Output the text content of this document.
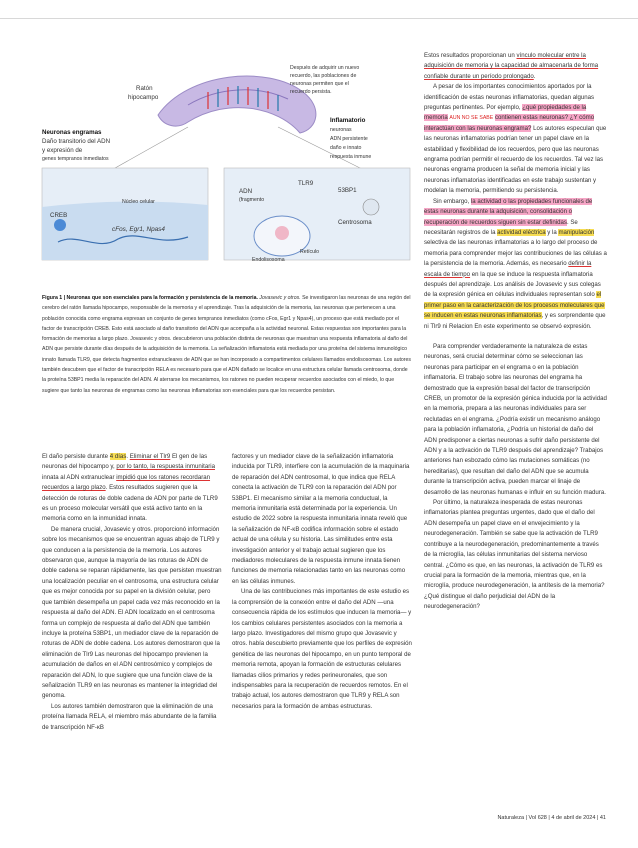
Ratón
hipocampo
Después de adquirir un nuevo
recuerdo, las poblaciones de
neuronas permiten que el
recuerdo persista.
Neuronas engramas
Daño transitorio del ADN
y expresión de
genes tempranos inmediatos
Inflamatorio
neuronas
ADN persistente
daño e innato
respuesta inmune
Núcleo celular
CREB
cFos, Egr1, Npas4
ADN
(fragmento
TLR9
53BP1
Centrosoma
Endolisosoma
Retículo
Figura 1 | Neuronas que son esenciales para la formación y persistencia de la memoria. Jovasevic y otros. Se investigaron las neuronas de una región del cerebro del ratón llamada hipocampo, responsable de la memoria y el aprendizaje. Tras la adquisición de la memoria, las neuronas que pertenecen a una población conocida como engrama expresan un conjunto de genes tempranos inmediatos (como cFos, Egr1 y Npas4), un proceso que está mediado por el factor de transcripción CREB. Esto está asociado al daño transitorio del ADN que acompaña a la actividad neuronal. Estas respuestas son importantes para la formación de memorias a largo plazo. Jovasevic y otros. descubrieron una población distinta de neuronas que muestran una respuesta inflamatoria al daño del ADN que persiste durante días después de la adquisición de la memoria. La señalización inflamatoria está mediada por una proteína del sistema inmunológico innato llamada TLR9, que detecta fragmentos extranucleares de ADN que se han incorporado a compartimentos celulares llamados endolisosomas. Los autores también descubren que el factor de transcripción RELA es necesario para que el ADN dañado se localice en una estructura celular llamada centrosoma, donde la proteína 53BP1 media la reparación del ADN. Al aterrarse los mecanismos, los ratones no pueden recuperar recuerdos asociados con el miedo, lo que sugiere que tanto las neuronas de engramas como las neuronas inflamatorias son esenciales para que los recuerdos persistan.

El daño persiste durante 4 días. Eliminar el Tlr9 El gen de las neuronas del hipocampo y, por lo tanto, la respuesta inmunitaria innata al ADN extranuclear impidió que los ratones recordaran recuerdos a largo plazo. Estos resultados sugieren que la detección de roturas de doble cadena de ADN por parte de TLR9 es un proceso molecular versátil que está activo tanto en la memoria como en la inmunidad innata.

De manera crucial, Jovasevic y otros. proporcionó información sobre los mecanismos que se encuentran aguas abajo de TLR9 y que conducen a la persistencia de la memoria. Los autores observaron que, aunque la mayoría de las roturas de ADN de doble cadena se reparan rápidamente, las que persisten muestran una localización peculiar en el centrosoma, una estructura celular que es mejor conocida por su papel en la división celular, pero que también desempeña un papel cada vez más reconocido en la respuesta al daño del ADN. El ADN localizado en el centrosoma forma un complejo de respuesta al daño del ADN que también incluye la proteína 53BP1, un mediador clave de la reparación de roturas de ADN de doble cadena. Los autores demostraron que la eliminación de Tlr9 Las neuronas del hipocampo previenen la acumulación de daños en el ADN centrosómico y complejos de reparación del ADN, lo que sugiere que una función clave de la señalización TLR9 en las neuronas es mantener la integridad del genoma.

Los autores también demostraron que la eliminación de una proteína llamada RELA, el miembro más abundante de la familia de transcripción NF-κB

factores y un mediador clave de la señalización inflamatoria inducida por TLR9, interfiere con la acumulación de la maquinaria de reparación del ADN centrosomal, lo que indica que RELA conecta la activación de TLR9 con la reparación del ADN por 53BP1. El mecanismo similar a la memoria conductual, la memoria inmunitaria está determinada por la experiencia. Un estudio de 2022 sobre la respuesta inmunitaria innata reveló que la señalización de NF-κB codifica información sobre el estado actual de una célula y su historia. Las similitudes entre esta investigación anterior y el trabajo actual sugieren que los mediadores moleculares de la respuesta inmune innata tienen funciones de memoria relacionadas tanto en las neuronas como en las células inmunes.

Una de las contribuciones más importantes de este estudio es la comprensión de la conexión entre el daño del ADN —una consecuencia rápida de los estímulos que inducen la memoria— y los cambios celulares persistentes asociados con la memoria a largo plazo. Investigadores del mismo grupo que Jovasevic y otros. había descubierto previamente que los perfiles de expresión genética de las neuronas del hipocampo, en un punto temporal de memoria remota, apoyan la formación de estructuras celulares llamadas cilios primarios y redes perineuronales, que son indispensables para la recuperación de recuerdos remotos. En el trabajo actual, los autores demostraron que TLR9 y RELA son necesarios para la formación de ambas estructuras.

Estos resultados proporcionan un vínculo molecular entre la adquisición de memoria y la capacidad de almacenarla de forma confiable durante un período prolongado.

A pesar de los importantes conocimientos aportados por la identificación de estas neuronas inflamatorias, quedan algunas preguntas pertinentes. Por ejemplo, ¿qué propiedades de la memoria AUN NO SE SABE contienen estas neuronas? ¿Y cómo interactúan con las neuronas engrama? Los autores especulan que las neuronas inflamatorias podrían tener un papel clave en la estabilidad y flexibilidad de los recuerdos, pero que las neuronas engrama podrían permitir el recuerdo de los recuerdos. Tal vez las neuronas engrama producen la señal de memoria inicial y las neuronas inflamatorias identificadas en este trabajo sustentan y modelan la memoria, permitiendo su persistencia.

Sin embargo, la actividad o las propiedades funcionales de estas neuronas durante la adquisición, consolidación o recuperación de recuerdos siguen sin estar definidas. Se necesitarán registros de la actividad eléctrica y la manipulación selectiva de las neuronas inflamatorias a lo largo del proceso de memoria para comprender mejor las contribuciones de las células a la persistencia de la memoria. Además, es necesario definir la escala de tiempo en la que se induce la respuesta inflamatoria después del aprendizaje. Los análisis de Jovasevic y sus colegas de la expresión génica en células individuales representan solo el primer paso en la caracterización de los procesos moleculares que se inducen en estas neuronas inflamatorias, y es sorprendente que ni Tlr9 ni Relacion En este experimento se observó expresión.

Para comprender verdaderamente la naturaleza de estas neuronas, será crucial determinar cómo se seleccionan las neuronas para participar en el engrama o en la población inflamatoria. El trabajo sobre las neuronas del engrama ha demostrado que la expresión basal del factor de transcripción CREB, un promotor de la expresión génica inducida por la actividad en la memoria, prepara a las neuronas individuales para ser reclutadas en el engrama. ¿Podría existir un mecanismo análogo para la población inflamatoria, ¿Podría un historial de daño del ADN predisponer a ciertas neuronas a sufrir daño persistente del ADN y a la activación de TLR9 después del aprendizaje? Trabajos anteriores han esbozado cómo las mutaciones somáticas (no hereditarias), que resultan del daño del ADN que se acumula durante la transcripción activa, pueden marcar el linaje de desarrollo de las neuronas humanas e influir en su función madura.

Por último, la naturaleza inesperada de estas neuronas inflamatorias plantea preguntas urgentes, dado que el daño del ADN desempeña un papel clave en el envejecimiento y la neurodegeneración. También se sabe que la activación de TLR9 contribuye a la neurodegeneración, predominantemente a través de la microglía, las células inmunitarias del sistema nervioso central. ¿Cómo es que, en las neuronas, la activación de TLR9 es crucial para la formación de la memoria, mientras que, en la microglía, produce neurodegeneración, la antítesis de la memoria? ¿Qué distingue el daño perjudicial del ADN de la neurodegeneración?

Naturaleza | Vol 628 | 4 de abril de 2024 | 41
